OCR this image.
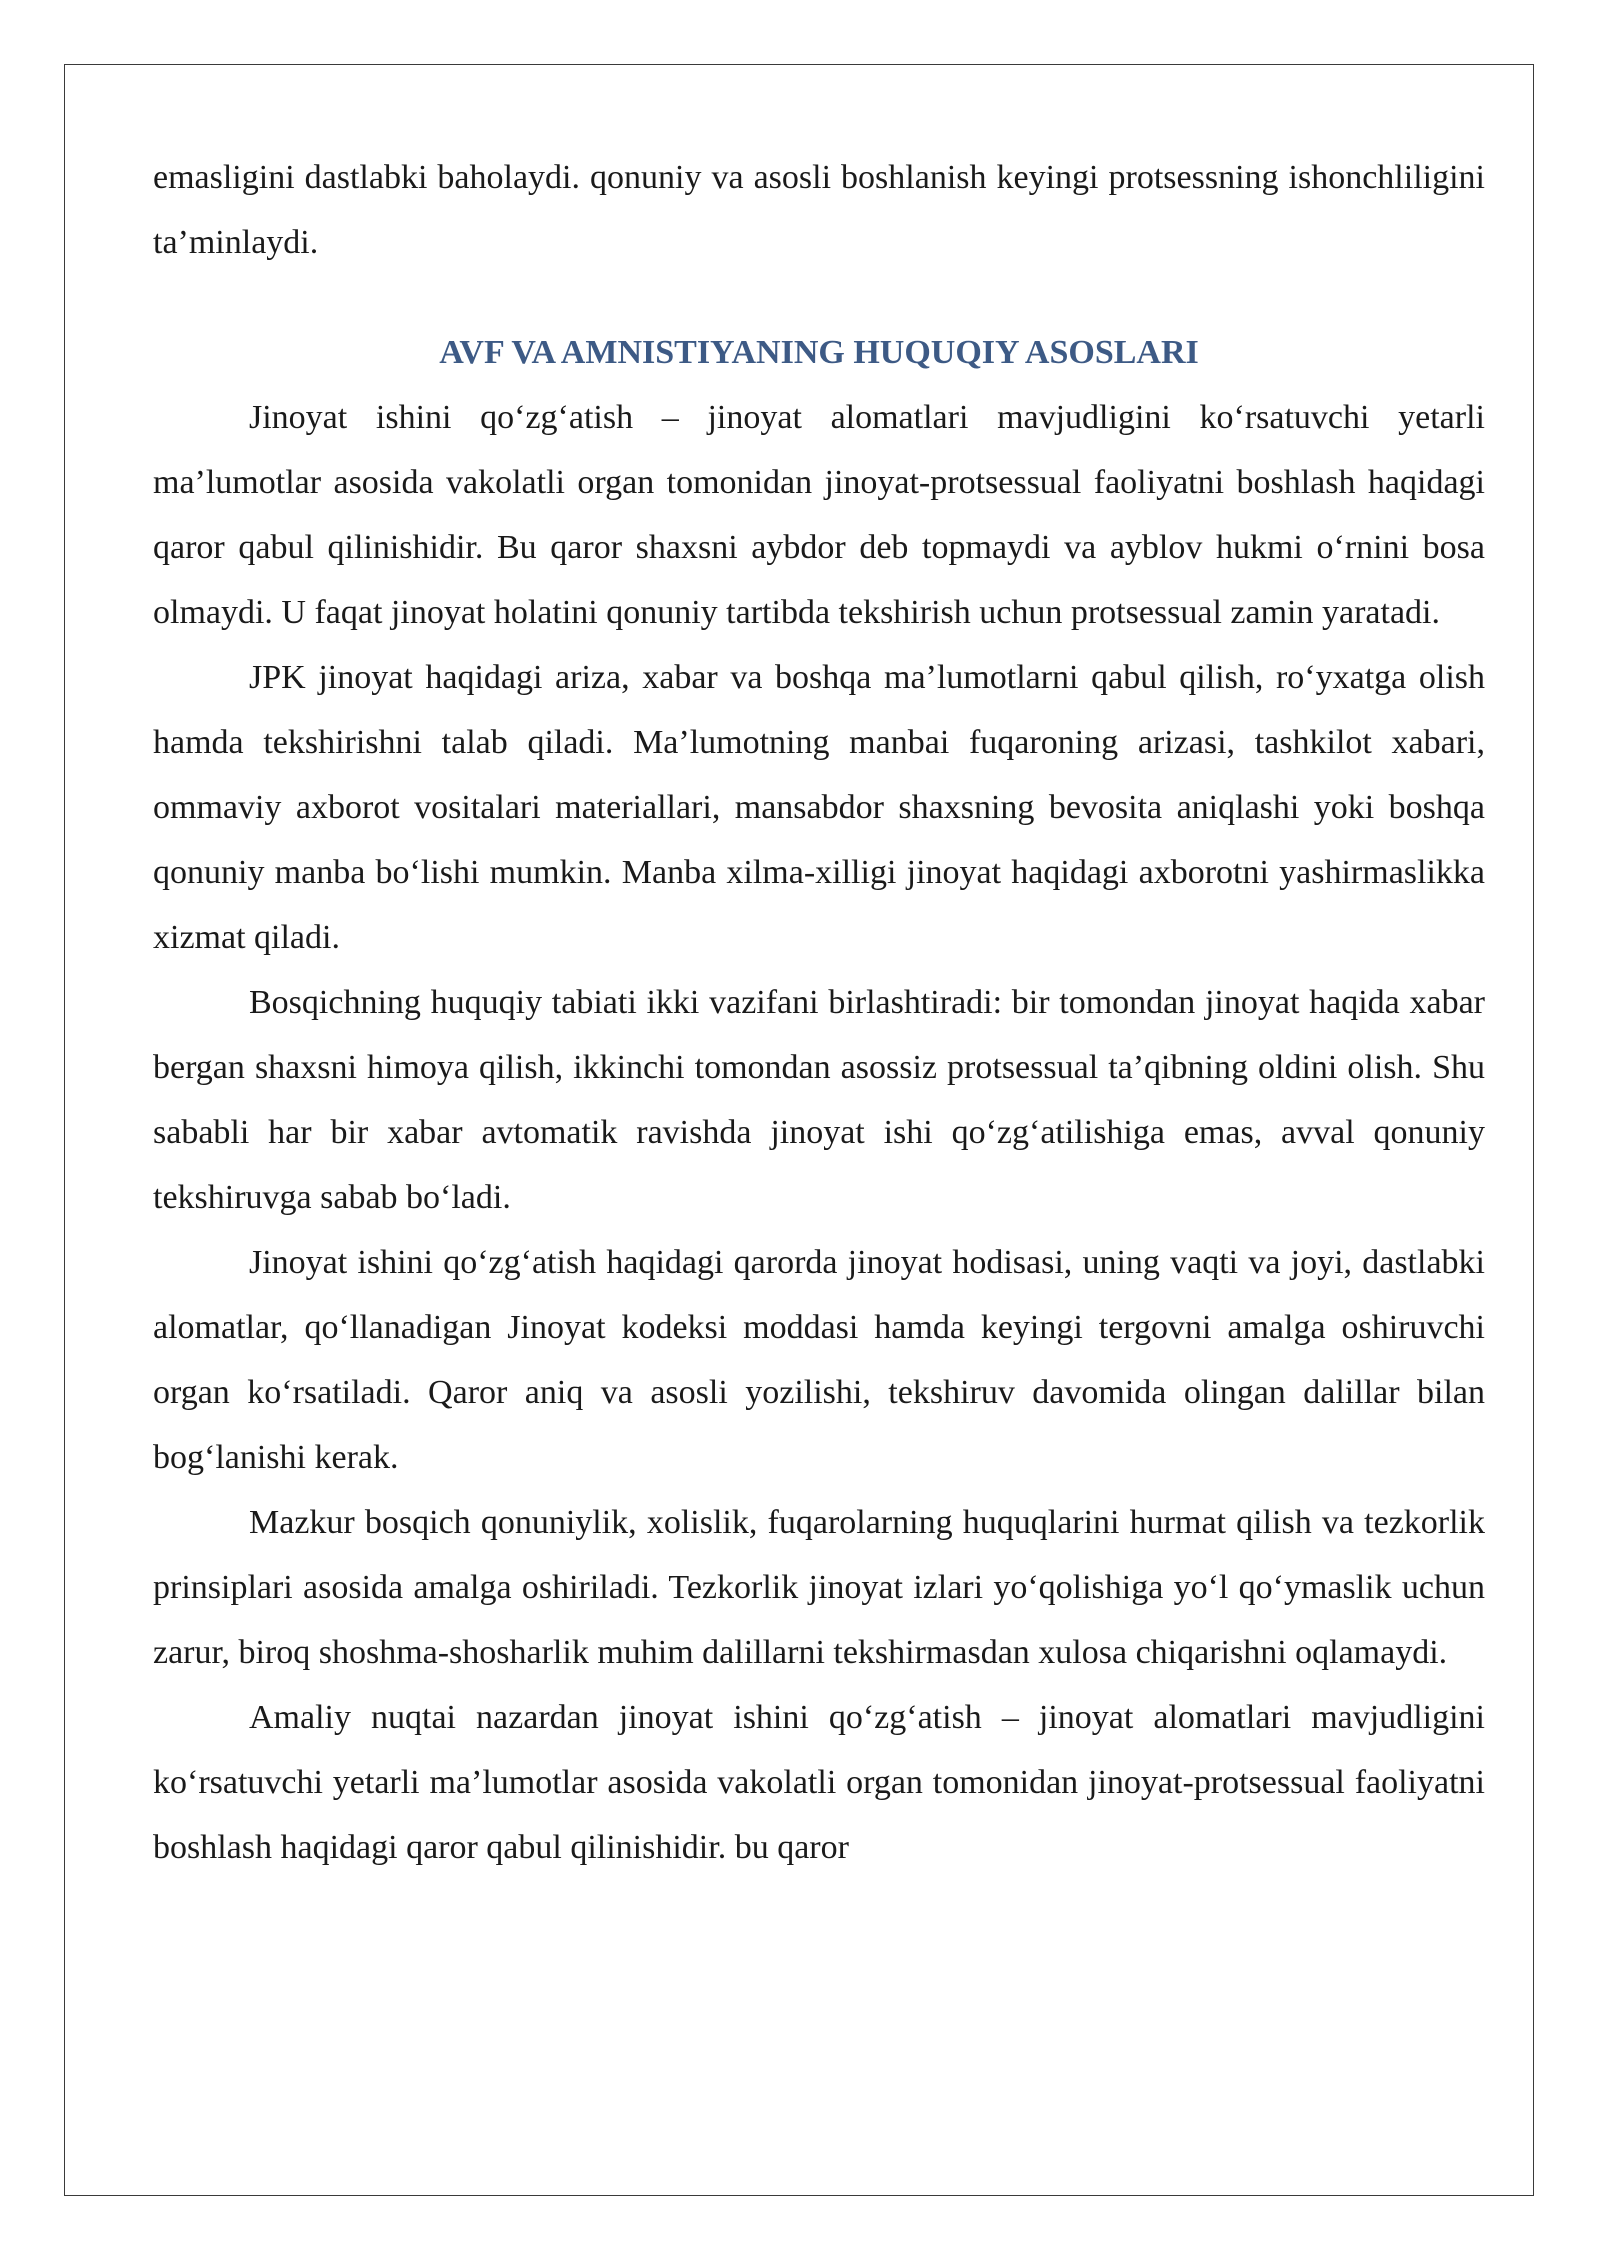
emasligini dastlabki baholaydi. qonuniy va asosli boshlanish keyingi protsessning ishonchliligini ta’minlaydi.

AVF VA AMNISTIYANING HUQUQIY ASOSLARI

Jinoyat ishini qo‘zg‘atish – jinoyat alomatlari mavjudligini ko‘rsatuvchi yetarli ma’lumotlar asosida vakolatli organ tomonidan jinoyat-protsessual faoliyatni boshlash haqidagi qaror qabul qilinishidir. Bu qaror shaxsni aybdor deb topmaydi va ayblov hukmi o‘rnini bosa olmaydi. U faqat jinoyat holatini qonuniy tartibda tekshirish uchun protsessual zamin yaratadi.

JPK jinoyat haqidagi ariza, xabar va boshqa ma’lumotlarni qabul qilish, ro‘yxatga olish hamda tekshirishni talab qiladi. Ma’lumotning manbai fuqaroning arizasi, tashkilot xabari, ommaviy axborot vositalari materiallari, mansabdor shaxsning bevosita aniqlashi yoki boshqa qonuniy manba bo‘lishi mumkin. Manba xilma-xilligi jinoyat haqidagi axborotni yashirmaslikka xizmat qiladi.

Bosqichning huquqiy tabiati ikki vazifani birlashtiradi: bir tomondan jinoyat haqida xabar bergan shaxsni himoya qilish, ikkinchi tomondan asossiz protsessual ta’qibning oldini olish. Shu sababli har bir xabar avtomatik ravishda jinoyat ishi qo‘zg‘atilishiga emas, avval qonuniy tekshiruvga sabab bo‘ladi.

Jinoyat ishini qo‘zg‘atish haqidagi qarorda jinoyat hodisasi, uning vaqti va joyi, dastlabki alomatlar, qo‘llanadigan Jinoyat kodeksi moddasi hamda keyingi tergovni amalga oshiruvchi organ ko‘rsatiladi. Qaror aniq va asosli yozilishi, tekshiruv davomida olingan dalillar bilan bog‘lanishi kerak.

Mazkur bosqich qonuniylik, xolislik, fuqarolarning huquqlarini hurmat qilish va tezkorlik prinsiplari asosida amalga oshiriladi. Tezkorlik jinoyat izlari yo‘qolishiga yo‘l qo‘ymaslik uchun zarur, biroq shoshma-shosharlik muhim dalillarni tekshirmasdan xulosa chiqarishni oqlamaydi.

Amaliy nuqtai nazardan jinoyat ishini qo‘zg‘atish – jinoyat alomatlari mavjudligini ko‘rsatuvchi yetarli ma’lumotlar asosida vakolatli organ tomonidan jinoyat-protsessual faoliyatni boshlash haqidagi qaror qabul qilinishidir. bu qaror
